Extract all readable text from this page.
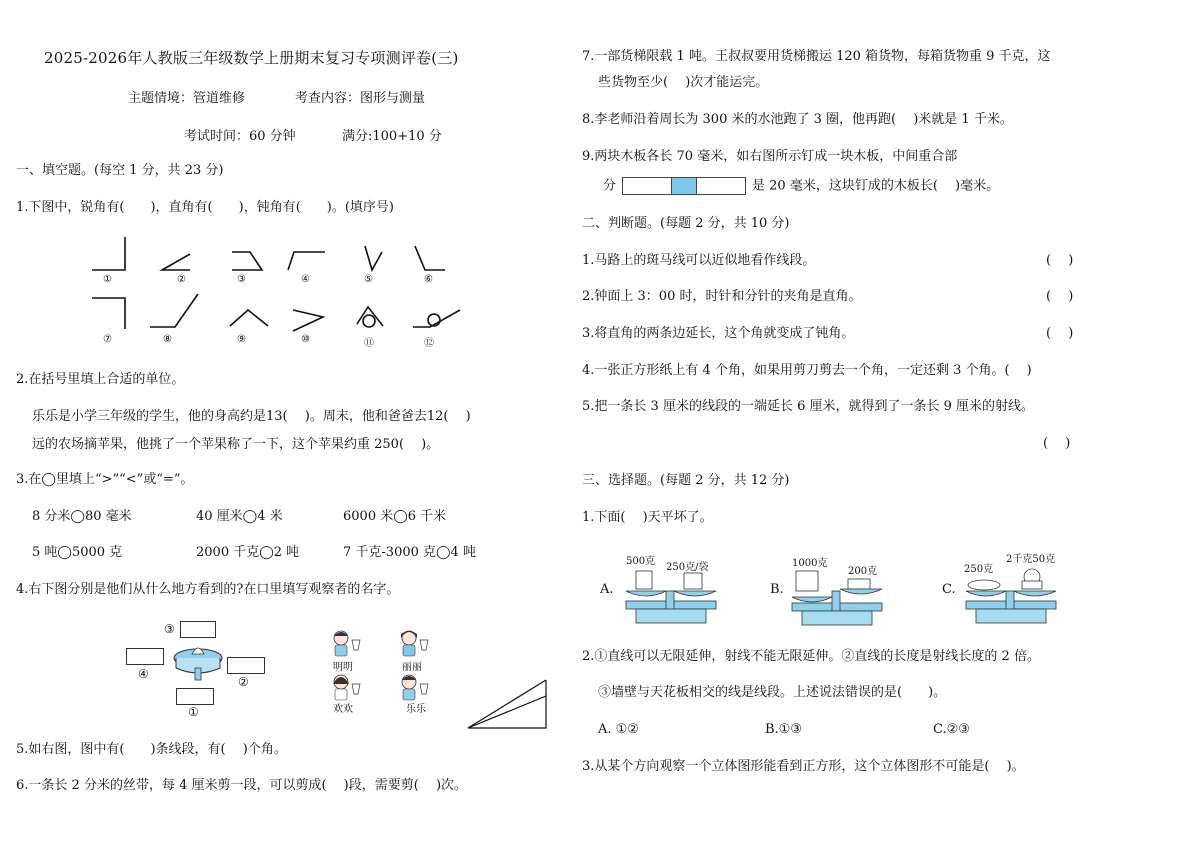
2025-2026年人教版三年级数学上册期末复习专项测评卷(三)
主题情境：管道维修	考查内容：图形与测量
考试时间：60 分钟	满分:100+10 分
一、填空题。(每空 1 分，共 23 分)
1.下图中，锐角有(　　)，直角有(　　)，钝角有(　　)。(填序号)
①	②	③	④	⑤	⑥
⑦	⑧	⑨	⑩	⑪	⑫
2.在括号里填上合适的单位。
乐乐是小学三年级的学生，他的身高约是13(　 )。周末，他和爸爸去12(　 )
远的农场摘苹果，他挑了一个苹果称了一下，这个苹果约重 250(　 )。
3.在◯里填上“>”“<”或“=”。
8 分米◯80 毫米	40 厘米◯4 米	6000 米◯6 千米
5 吨◯5000 克	2000 千克◯2 吨	7 千克-3000 克◯4 吨
4.右下图分别是他们从什么地方看到的?在口里填写观察者的名字。
③
④
②
①
明明	丽丽
欢欢	乐乐
5.如右图，图中有(　　)条线段，有(　 )个角。
6.一条长 2 分米的丝带，每 4 厘米剪一段，可以剪成(　 )段，需要剪(　 )次。
7.一部货梯限载 1 吨。王叔叔要用货梯搬运 120 箱货物，每箱货物重 9 千克，这
些货物至少(　 )次才能运完。
8.李老师沿着周长为 300 米的水池跑了 3 圈，他再跑(　 )米就是 1 千米。
9.两块木板各长 70 毫米，如右图所示钉成一块木板，中间重合部
分	是 20 毫米，这块钉成的木板长(　 )毫米。
二、判断题。(每题 2 分，共 10 分)
1.马路上的斑马线可以近似地看作线段。	(　 )
2.钟面上 3：00 时，时针和分针的夹角是直角。	(　 )
3.将直角的两条边延长，这个角就变成了钝角。	(　 )
4.一张正方形纸上有 4 个角，如果用剪刀剪去一个角，一定还剩 3 个角。(　 )
5.把一条长 3 厘米的线段的一端延长 6 厘米，就得到了一条长 9 厘米的射线。
(　 )
三、选择题。(每题 2 分，共 12 分)
1.下面(　 )天平坏了。
A.
500克
250克/袋
B.
1000克
200克
C.
250克
2千克50克
2.①直线可以无限延伸，射线不能无限延伸。②直线的长度是射线长度的 2 倍。
③墙壁与天花板相交的线是线段。上述说法错误的是(　　)。
A. ①②	B.①③	C.②③
3.从某个方向观察一个立体图形能看到正方形，这个立体图形不可能是(　 )。
